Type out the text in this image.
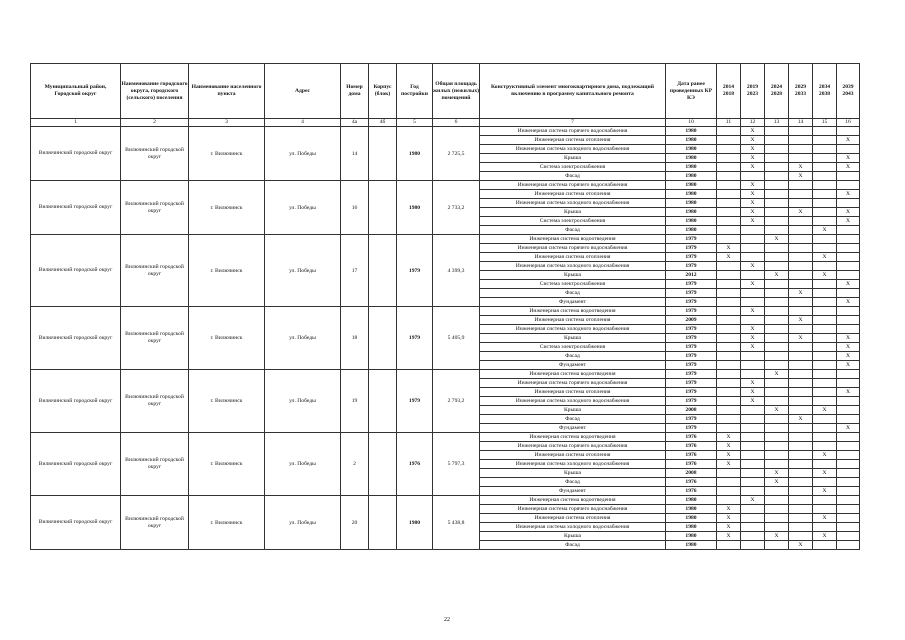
Муниципальный район, Городской округ	Наименование городского округа, городского (сельского) поселения	Наименование населенного пункта	Адрес	Номер дома	Корпус (блок)	Год постройки	Общая площадь жилых (нежилых) помещений	Конструктивный элемент многоквартирного дома, подлежащий включению в программу капитального ремонта	Дата ранее проведенных КР КЭ	2014 2018	2019 2023	2024 2028	2029 2033	2034 2038	2039 2043
1	2	3	4	4а	4б	5	6	7	10	11	12	13	14	15	16
Вилючинский городской округ	Вилючинский городской округ	г. Вилючинск	ул. Победы	14		1980	2 725,5	Инженерная система горячего водоснабжения	1980		X				
								Инженерная система отопления	1980		X				X
								Инженерная система холодного водоснабжения	1980		X				
								Крыша	1980		X				X
								Система электроснабжения	1980		X		X		X
								Фасад	1980				X		
Вилючинский городской округ	Вилючинский городской округ	г. Вилючинск	ул. Победы	16		1980	2 733,2	Инженерная система горячего водоснабжения	1980		X				
								Инженерная система отопления	1980		X				X
								Инженерная система холодного водоснабжения	1980		X				
								Крыша	1980		X		X		X
								Система электроснабжения	1980		X				X
								Фасад	1980					X	
Вилючинский городской округ	Вилючинский городской округ	г. Вилючинск	ул. Победы	17		1979	4 399,3	Инженерная система водоотведения	1979			X			
								Инженерная система горячего водоснабжения	1979	X					
								Инженерная система отопления	1979	X				X	
								Инженерная система холодного водоснабжения	1979		X				
								Крыша	2012			X		X	
								Система электроснабжения	1979		X				X
								Фасад	1979				X		
								Фундамент	1979						X
Вилючинский городской округ	Вилючинский городской округ	г. Вилючинск	ул. Победы	18		1979	5 405,9	Инженерная система водоотведения	1979		X				
								Инженерная система отопления	2009				X		
								Инженерная система холодного водоснабжения	1979		X				
								Крыша	1979		X		X		X
								Система электроснабжения	1979		X				X
								Фасад	1979						X
								Фундамент	1979						X
Вилючинский городской округ	Вилючинский городской округ	г. Вилючинск	ул. Победы	19		1979	2 793,2	Инженерная система водоотведения	1979			X			
								Инженерная система горячего водоснабжения	1979		X				
								Инженерная система отопления	1979		X				X
								Инженерная система холодного водоснабжения	1979		X				
								Крыша	2008			X		X	
								Фасад	1979				X		
								Фундамент	1979						X
Вилючинский городской округ	Вилючинский городской округ	г. Вилючинск	ул. Победы	2		1976	5 797,3	Инженерная система водоотведения	1976	X					
								Инженерная система горячего водоснабжения	1976	X					
								Инженерная система отопления	1976	X				X	
								Инженерная система холодного водоснабжения	1976	X					
								Крыша	2008			X		X	
								Фасад	1976			X			
								Фундамент	1976					X	
Вилючинский городской округ	Вилючинский городской округ	г. Вилючинск	ул. Победы	20		1980	5 438,8	Инженерная система водоотведения	1980		X				
								Инженерная система горячего водоснабжения	1980	X					
								Инженерная система отопления	1980	X				X	
								Инженерная система холодного водоснабжения	1980	X					
								Крыша	1980	X		X		X	
								Фасад	1980				X		
22
